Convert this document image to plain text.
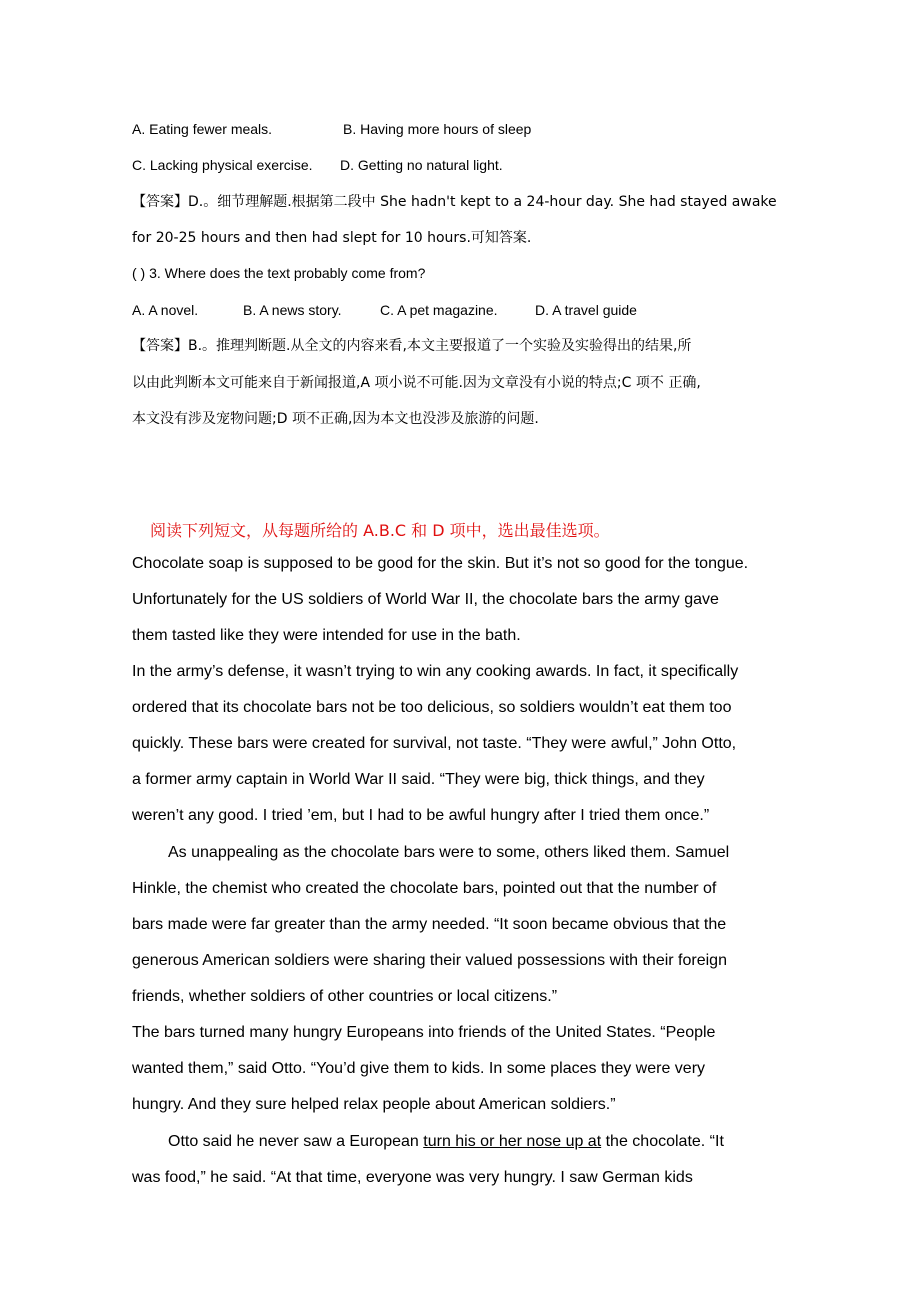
A. Eating fewer meals.	B. Having more hours of sleep
C. Lacking physical exercise. D. Getting no natural light.
【答案】D.。细节理解题.根据第二段中 She hadn't kept to a 24-hour day. She had stayed awake
for 20-25 hours and then had slept for 10 hours.可知答案.
( ) 3. Where does the text probably come from?
A. A novel.	B. A news story.	C. A pet magazine.	D. A travel guide
【答案】B.。推理判断题.从全文的内容来看,本文主要报道了一个实验及实验得出的结果,所
以由此判断本文可能来自于新闻报道,A 项小说不可能.因为文章没有小说的特点;C 项不 正确,
本文没有涉及宠物问题;D 项不正确,因为本文也没涉及旅游的问题.
阅读下列短文，从每题所给的 A.B.C 和 D 项中，选出最佳选项。
Chocolate soap is supposed to be good for the skin. But it’s not so good for the tongue.
Unfortunately for the US soldiers of World War II, the chocolate bars the army gave
them tasted like they were intended for use in the bath.
In the army’s defense, it wasn’t trying to win any cooking awards. In fact, it specifically
ordered that its chocolate bars not be too delicious, so soldiers wouldn’t eat them too
quickly. These bars were created for survival, not taste. “They were awful,” John Otto,
a former army captain in World War II said. “They were big, thick things, and they
weren’t any good. I tried ’em, but I had to be awful hungry after I tried them once.”
As unappealing as the chocolate bars were to some, others liked them. Samuel
Hinkle, the chemist who created the chocolate bars, pointed out that the number of
bars made were far greater than the army needed. “It soon became obvious that the
generous American soldiers were sharing their valued possessions with their foreign
friends, whether soldiers of other countries or local citizens.”
The bars turned many hungry Europeans into friends of the United States. “People
wanted them,” said Otto. “You’d give them to kids. In some places they were very
hungry. And they sure helped relax people about American soldiers.”
Otto said he never saw a European turn his or her nose up at the chocolate. “It
was food,” he said. “At that time, everyone was very hungry. I saw German kids
